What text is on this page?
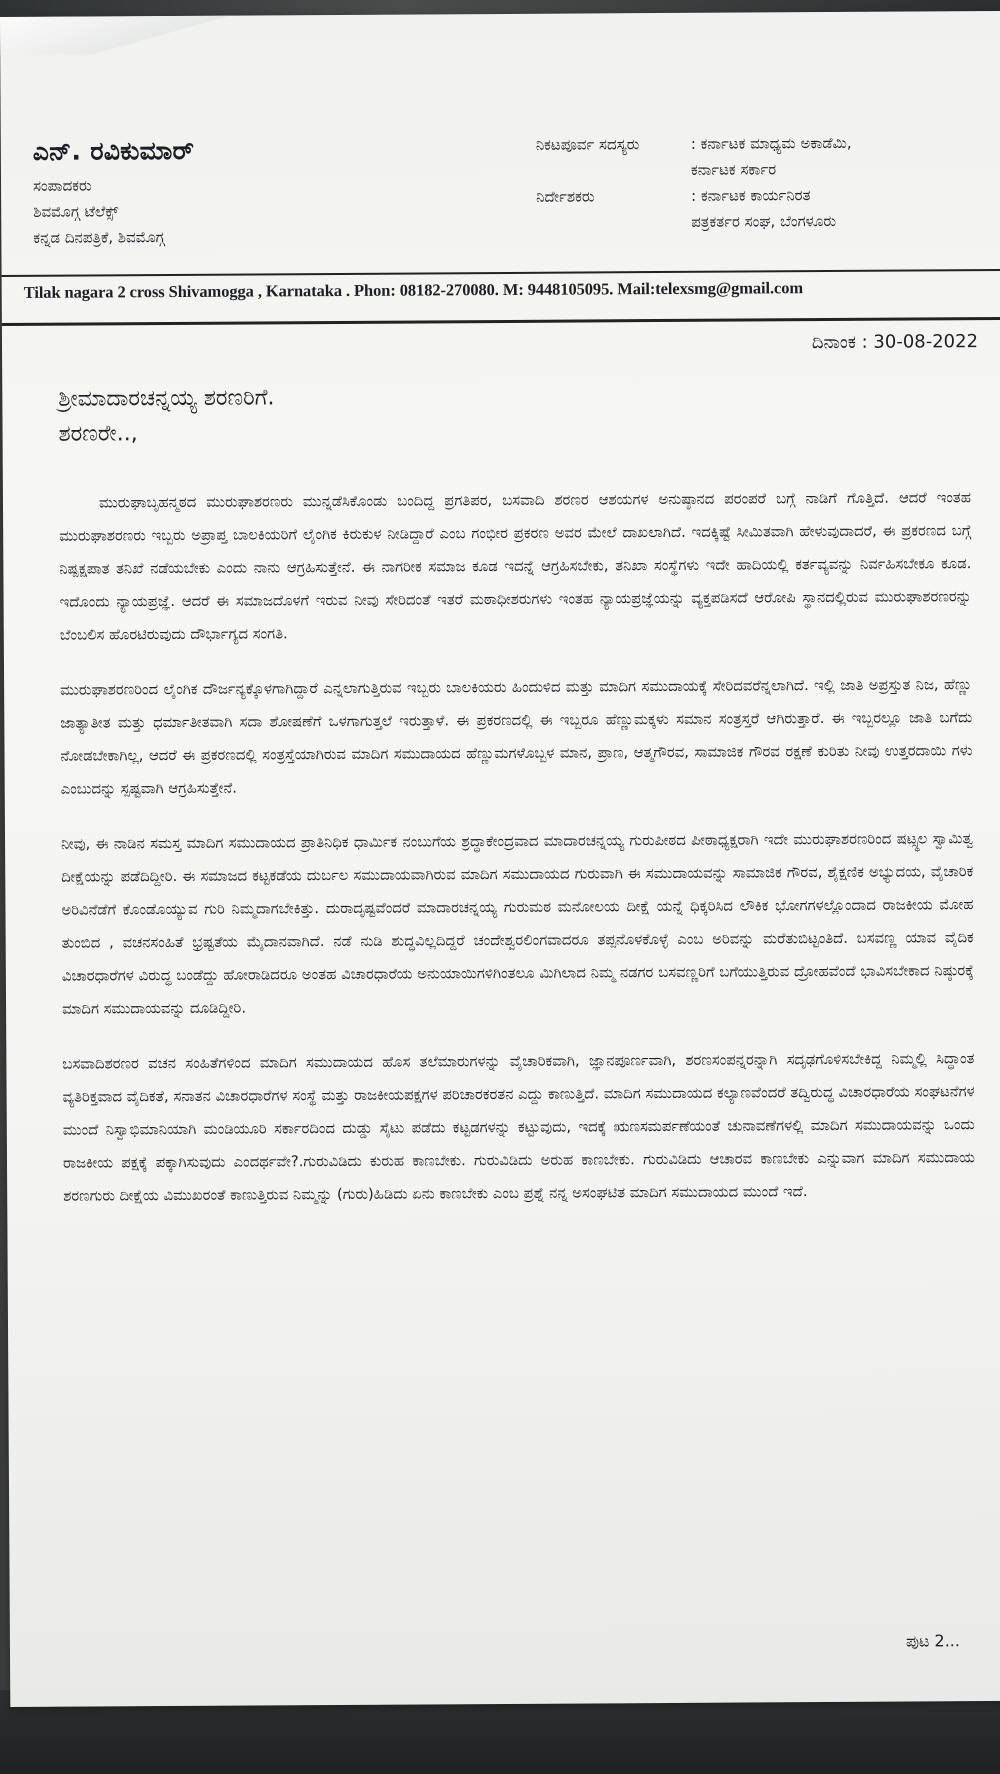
ಎನ್. ರವಿಕುಮಾರ್
ಸಂಪಾದಕರು
ಶಿವಮೊಗ್ಗ ಟೆಲೆಕ್ಸ್
ಕನ್ನಡ ದಿನಪತ್ರಿಕೆ, ಶಿವಮೊಗ್ಗ
ನಿಕಟಪೂರ್ವ ಸದಸ್ಯರು	: ಕರ್ನಾಟಕ ಮಾಧ್ಯಮ ಅಕಾಡೆಮಿ,
ಕರ್ನಾಟಕ ಸರ್ಕಾರ
ನಿರ್ದೇಶಕರು	: ಕರ್ನಾಟಕ ಕಾರ್ಯನಿರತ
ಪತ್ರಕರ್ತರ ಸಂಘ, ಬೆಂಗಳೂರು
Tilak nagara 2 cross Shivamogga , Karnataka . Phon: 08182-270080. M: 9448105095. Mail:telexsmg@gmail.com
ದಿನಾಂಕ : 30-08-2022
ಶ್ರೀಮಾದಾರಚನ್ನಯ್ಯ ಶರಣರಿಗೆ.
ಶರಣರೇ..,

ಮುರುಘಾಬೃಹನ್ಮಠದ ಮುರುಘಾಶರಣರು ಮುನ್ನಡೆಸಿಕೊಂಡು ಬಂದಿದ್ದ ಪ್ರಗತಿಪರ, ಬಸವಾದಿ ಶರಣರ ಆಶಯಗಳ ಅನುಷ್ಠಾನದ ಪರಂಪರೆ ಬಗ್ಗೆ ನಾಡಿಗೆ ಗೊತ್ತಿದೆ. ಆದರೆ ಇಂತಹ ಮುರುಘಾಶರಣರು ಇಬ್ಬರು ಅಪ್ರಾಪ್ತ ಬಾಲಕಿಯರಿಗೆ ಲೈಂಗಿಕ ಕಿರುಕುಳ ನೀಡಿದ್ದಾರೆ ಎಂಬ ಗಂಭೀರ ಪ್ರಕರಣ ಅವರ ಮೇಲೆ ದಾಖಲಾಗಿದೆ. ಇದಕ್ಕಿಷ್ಟೆ ಸೀಮಿತವಾಗಿ ಹೇಳುವುದಾದರೆ, ಈ ಪ್ರಕರಣದ ಬಗ್ಗೆ ನಿಷ್ಪಕ್ಷಪಾತ ತನಿಖೆ ನಡೆಯಬೇಕು ಎಂದು ನಾನು ಆಗ್ರಹಿಸುತ್ತೇನೆ. ಈ ನಾಗರೀಕ ಸಮಾಜ ಕೂಡ ಇದನ್ನೆ ಆಗ್ರಹಿಸಬೇಕು, ತನಿಖಾ ಸಂಸ್ಥೆಗಳು ಇದೇ ಹಾದಿಯಲ್ಲಿ ಕರ್ತವ್ಯವನ್ನು ನಿರ್ವಹಿಸಬೇಕೂ ಕೂಡ. ಇದೊಂದು ನ್ಯಾಯಪ್ರಜ್ಞೆ. ಆದರೆ ಈ ಸಮಾಜದೊಳಗೆ ಇರುವ ನೀವು ಸೇರಿದಂತೆ ಇತರೆ ಮಠಾಧೀಶರುಗಳು ಇಂತಹ ನ್ಯಾಯಪ್ರಜ್ಞೆಯನ್ನು ವ್ಯಕ್ತಪಡಿಸದೆ ಆರೋಪಿ ಸ್ಥಾನದಲ್ಲಿರುವ ಮುರುಘಾಶರಣರನ್ನು ಬೆಂಬಲಿಸ ಹೊರಟಿರುವುದು ದೌರ್ಭಾಗ್ಯದ ಸಂಗತಿ.

ಮುರುಘಾಶರಣರಿಂದ ಲೈಂಗಿಕ ದೌರ್ಜನ್ಯಕ್ಕೊಳಗಾಗಿದ್ದಾರೆ ಎನ್ನಲಾಗುತ್ತಿರುವ ಇಬ್ಬರು ಬಾಲಕಿಯರು ಹಿಂದುಳಿದ ಮತ್ತು ಮಾದಿಗ ಸಮುದಾಯಕ್ಕೆ ಸೇರಿದವರೆನ್ನಲಾಗಿದೆ. ಇಲ್ಲಿ ಜಾತಿ ಅಪ್ರಸ್ತುತ ನಿಜ, ಹೆಣ್ಣು ಜಾತ್ಯಾತೀತ ಮತ್ತು ಧರ್ಮಾತೀತವಾಗಿ ಸದಾ ಶೋಷಣೆಗೆ ಒಳಗಾಗುತ್ತಲೆ ಇರುತ್ತಾಳೆ. ಈ ಪ್ರಕರಣದಲ್ಲಿ ಈ ಇಬ್ಬರೂ ಹೆಣ್ಣುಮಕ್ಕಳು ಸಮಾನ ಸಂತ್ರಸ್ತರೆ ಆಗಿರುತ್ತಾರೆ. ಈ ಇಬ್ಬರಲ್ಲೂ ಜಾತಿ ಬಗೆದು ನೋಡಬೇಕಾಗಿಲ್ಲ, ಆದರೆ ಈ ಪ್ರಕರಣದಲ್ಲಿ ಸಂತ್ರಸ್ತೆಯಾಗಿರುವ ಮಾದಿಗ ಸಮುದಾಯದ ಹೆಣ್ಣುಮಗಳೊಬ್ಬಳ ಮಾನ, ಪ್ರಾಣ, ಆತ್ಮಗೌರವ, ಸಾಮಾಜಿಕ ಗೌರವ ರಕ್ಷಣೆ ಕುರಿತು ನೀವು ಉತ್ತರದಾಯಿ ಗಳು ಎಂಬುದನ್ನು ಸ್ಪಷ್ಟವಾಗಿ ಆಗ್ರಹಿಸುತ್ತೇನೆ.

ನೀವು, ಈ ನಾಡಿನ ಸಮಸ್ತ ಮಾದಿಗ ಸಮುದಾಯದ ಪ್ರಾತಿನಿಧಿಕ ಧಾರ್ಮಿಕ ನಂಬುಗೆಯ ಶ್ರದ್ಧಾಕೇಂದ್ರವಾದ ಮಾದಾರಚನ್ನಯ್ಯ ಗುರುಪೀಠದ ಪೀಠಾಧ್ಯಕ್ಷರಾಗಿ ಇದೇ ಮುರುಘಾಶರಣರಿಂದ ಷಟ್ಸ್ಥಲ ಸ್ವಾಮಿತ್ವ ದೀಕ್ಷೆಯನ್ನು ಪಡೆದಿದ್ದೀರಿ. ಈ ಸಮಾಜದ ಕಟ್ಟಕಡೆಯ ದುರ್ಬಲ ಸಮುದಾಯವಾಗಿರುವ ಮಾದಿಗ ಸಮುದಾಯದ ಗುರುವಾಗಿ ಈ ಸಮುದಾಯವನ್ನು ಸಾಮಾಜಿಕ ಗೌರವ, ಶೈಕ್ಷಣಿಕ ಅಭ್ಯುದಯ, ವೈಚಾರಿಕ ಅರಿವಿನೆಡೆಗೆ ಕೊಂಡೊಯ್ಯುವ ಗುರಿ ನಿಮ್ಮದಾಗಬೇಕಿತ್ತು. ದುರಾದೃಷ್ಟವೆಂದರೆ ಮಾದಾರಚನ್ನಯ್ಯ ಗುರುಮಠ ಮನೋಲಯ ದೀಕ್ಷೆ ಯನ್ನೆ ಧಿಕ್ಕರಿಸಿದ ಲೌಕಿಕ ಭೋಗಗಳಲ್ಲೊಂದಾದ ರಾಜಕೀಯ ಮೋಹ ತುಂಬಿದ , ವಚನಸಂಹಿತೆ ಭ್ರಷ್ಟತೆಯ ಮೈದಾನವಾಗಿದೆ. ನಡೆ ನುಡಿ ಶುದ್ಧವಿಲ್ಲದಿದ್ದರೆ ಚಂದೇಶ್ವರಲಿಂಗವಾದರೂ ತಪ್ಪನೊಳಕೊಳ್ಳೆ ಎಂಬ ಅರಿವನ್ನು ಮರೆತುಬಿಟ್ಟಂತಿದೆ. ಬಸವಣ್ಣ ಯಾವ ವೈದಿಕ ವಿಚಾರಧಾರೆಗಳ ವಿರುದ್ಧ ಬಂಡೆದ್ದು ಹೋರಾಡಿದರೂ ಅಂತಹ ವಿಚಾರಧಾರೆಯ ಅನುಯಾಯಿಗಳಿಗಿಂತಲೂ ಮಿಗಿಲಾದ ನಿಮ್ಮ ನಡಗರ ಬಸವಣ್ಣರಿಗೆ ಬಗೆಯುತ್ತಿರುವ ದ್ರೋಹವೆಂದೆ ಭಾವಿಸಬೇಕಾದ ನಿಷ್ಠುರಕ್ಕೆ ಮಾದಿಗ ಸಮುದಾಯವನ್ನು ದೂಡಿದ್ದೀರಿ.

ಬಸವಾದಿಶರಣರ ವಚನ ಸಂಹಿತೆಗಳಿಂದ ಮಾದಿಗ ಸಮುದಾಯದ ಹೊಸ ತಲೆಮಾರುಗಳನ್ನು ವೈಚಾರಿಕವಾಗಿ, ಜ್ಞಾನಪೂರ್ಣವಾಗಿ, ಶರಣಸಂಪನ್ನರನ್ನಾಗಿ ಸದೃಢಗೊಳಿಸಬೇಕಿದ್ದ ನಿಮ್ಮಲ್ಲಿ ಸಿದ್ಧಾಂತ ವ್ಯತಿರಿಕ್ತವಾದ ವೈದಿಕತೆ, ಸನಾತನ ವಿಚಾರಧಾರೆಗಳ ಸಂಸ್ಥೆ ಮತ್ತು ರಾಜಕೀಯಪಕ್ಷಗಳ ಪರಿಚಾರಕರತನ ಎದ್ದು ಕಾಣುತ್ತಿದೆ. ಮಾದಿಗ ಸಮುದಾಯದ ಕಲ್ಯಾಣವೆಂದರೆ ತದ್ವಿರುದ್ಧ ವಿಚಾರಧಾರೆಯ ಸಂಘಟನೆಗಳ ಮುಂದೆ ನಿಸ್ವಾಭಿಮಾನಿಯಾಗಿ ಮಂಡಿಯೂರಿ ಸರ್ಕಾರದಿಂದ ದುಡ್ಡು ಸೈಟು ಪಡೆದು ಕಟ್ಟಡಗಳನ್ನು ಕಟ್ಟುವುದು, ಇದಕ್ಕೆ ಋಣಸಮರ್ಪಣೆಯಂತೆ ಚುನಾವಣೆಗಳಲ್ಲಿ ಮಾದಿಗ ಸಮುದಾಯವನ್ನು ಒಂದು ರಾಜಕೀಯ ಪಕ್ಷಕ್ಕೆ ಪಕ್ಕಾಗಿಸುವುದು ಎಂದರ್ಥವೇ?.ಗುರುವಿಡಿದು ಕುರುಹ ಕಾಣಬೇಕು. ಗುರುವಿಡಿದು ಅರುಹ ಕಾಣಬೇಕು. ಗುರುವಿಡಿದು ಆಚಾರವ ಕಾಣಬೇಕು ಎನ್ನುವಾಗ ಮಾದಿಗ ಸಮುದಾಯ ಶರಣಗುರು ದೀಕ್ಷೆಯ ವಿಮುಖರಂತೆ ಕಾಣುತ್ತಿರುವ ನಿಮ್ಮನ್ನು (ಗುರು)ಹಿಡಿದು ಏನು ಕಾಣಬೇಕು ಎಂಬ ಪ್ರಶ್ನೆ ನನ್ನ ಅಸಂಘಟಿತ ಮಾದಿಗ ಸಮುದಾಯದ ಮುಂದೆ ಇದೆ.

ಪುಟ 2...
